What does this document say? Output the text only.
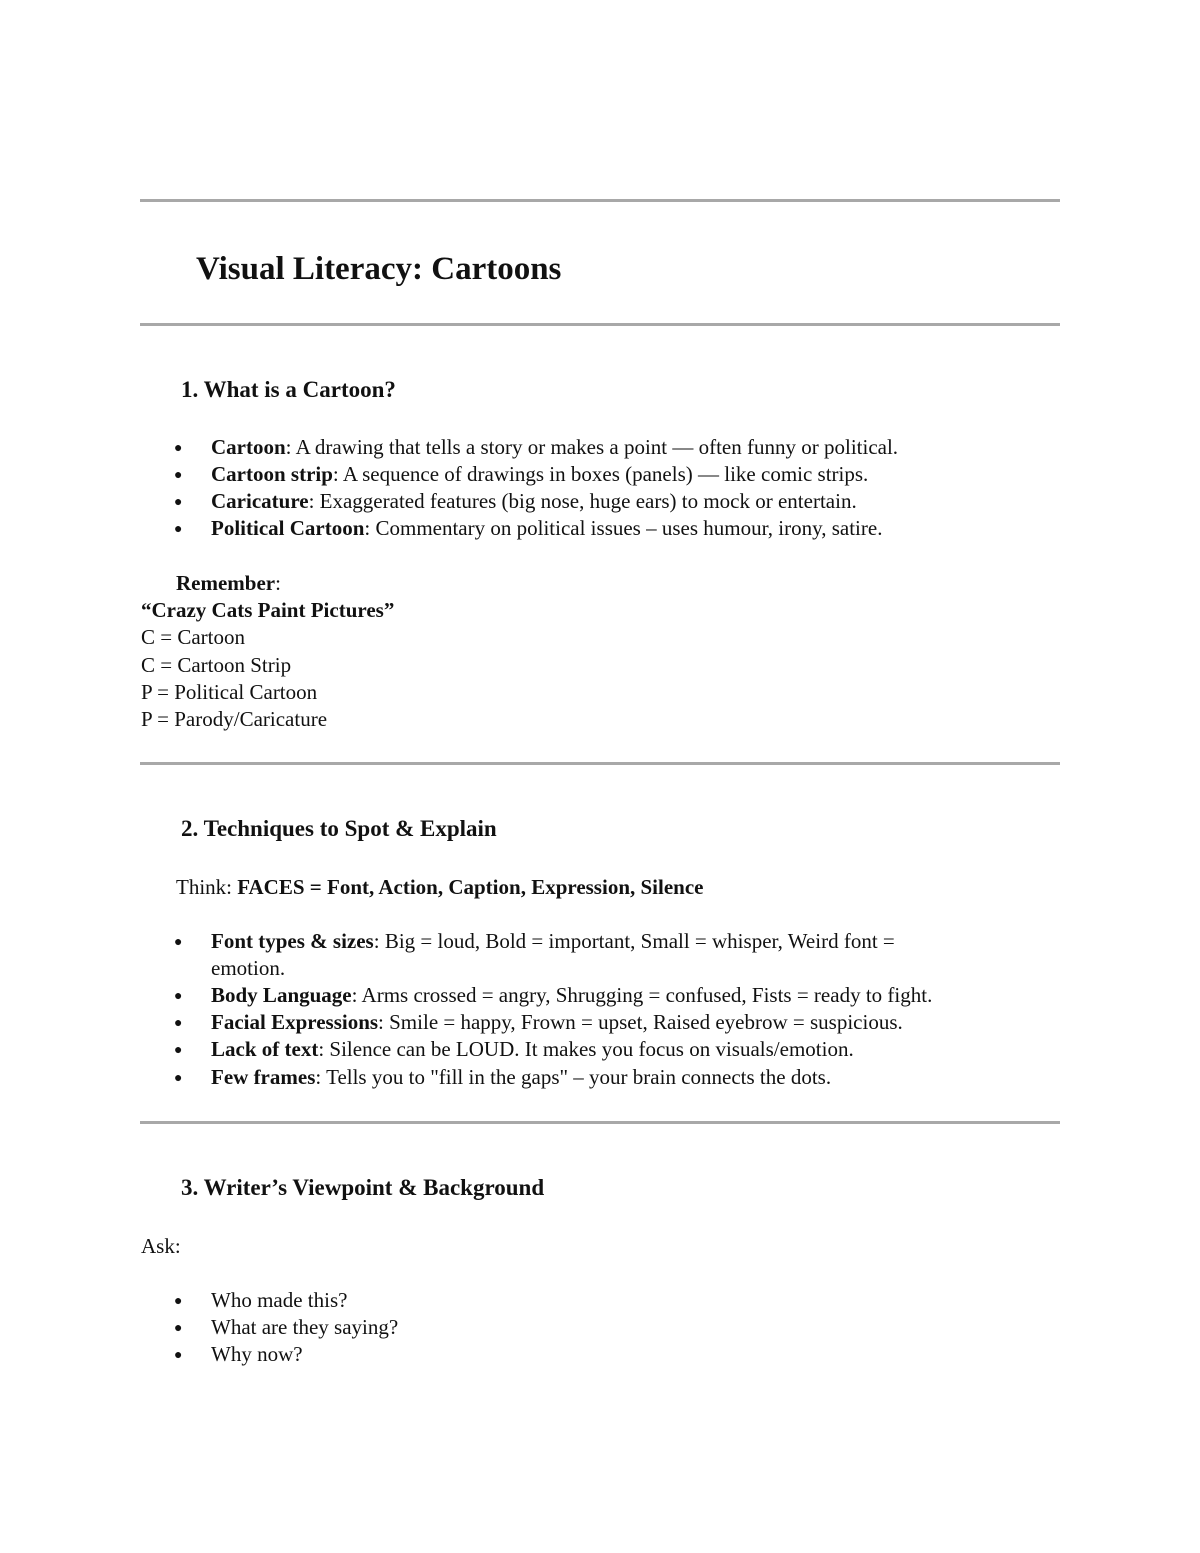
Visual Literacy: Cartoons
1. What is a Cartoon?
● Cartoon: A drawing that tells a story or makes a point — often funny or political.
● Cartoon strip: A sequence of drawings in boxes (panels) — like comic strips.
● Caricature: Exaggerated features (big nose, huge ears) to mock or entertain.
● Political Cartoon: Commentary on political issues – uses humour, irony, satire.
Remember:
“Crazy Cats Paint Pictures”
C = Cartoon
C = Cartoon Strip
P = Political Cartoon
P = Parody/Caricature
2. Techniques to Spot & Explain
Think: FACES = Font, Action, Caption, Expression, Silence
● Font types & sizes: Big = loud, Bold = important, Small = whisper, Weird font =
emotion.
● Body Language: Arms crossed = angry, Shrugging = confused, Fists = ready to fight.
● Facial Expressions: Smile = happy, Frown = upset, Raised eyebrow = suspicious.
● Lack of text: Silence can be LOUD. It makes you focus on visuals/emotion.
● Few frames: Tells you to "fill in the gaps" – your brain connects the dots.
3. Writer’s Viewpoint & Background
Ask:
● Who made this?
● What are they saying?
● Why now?
